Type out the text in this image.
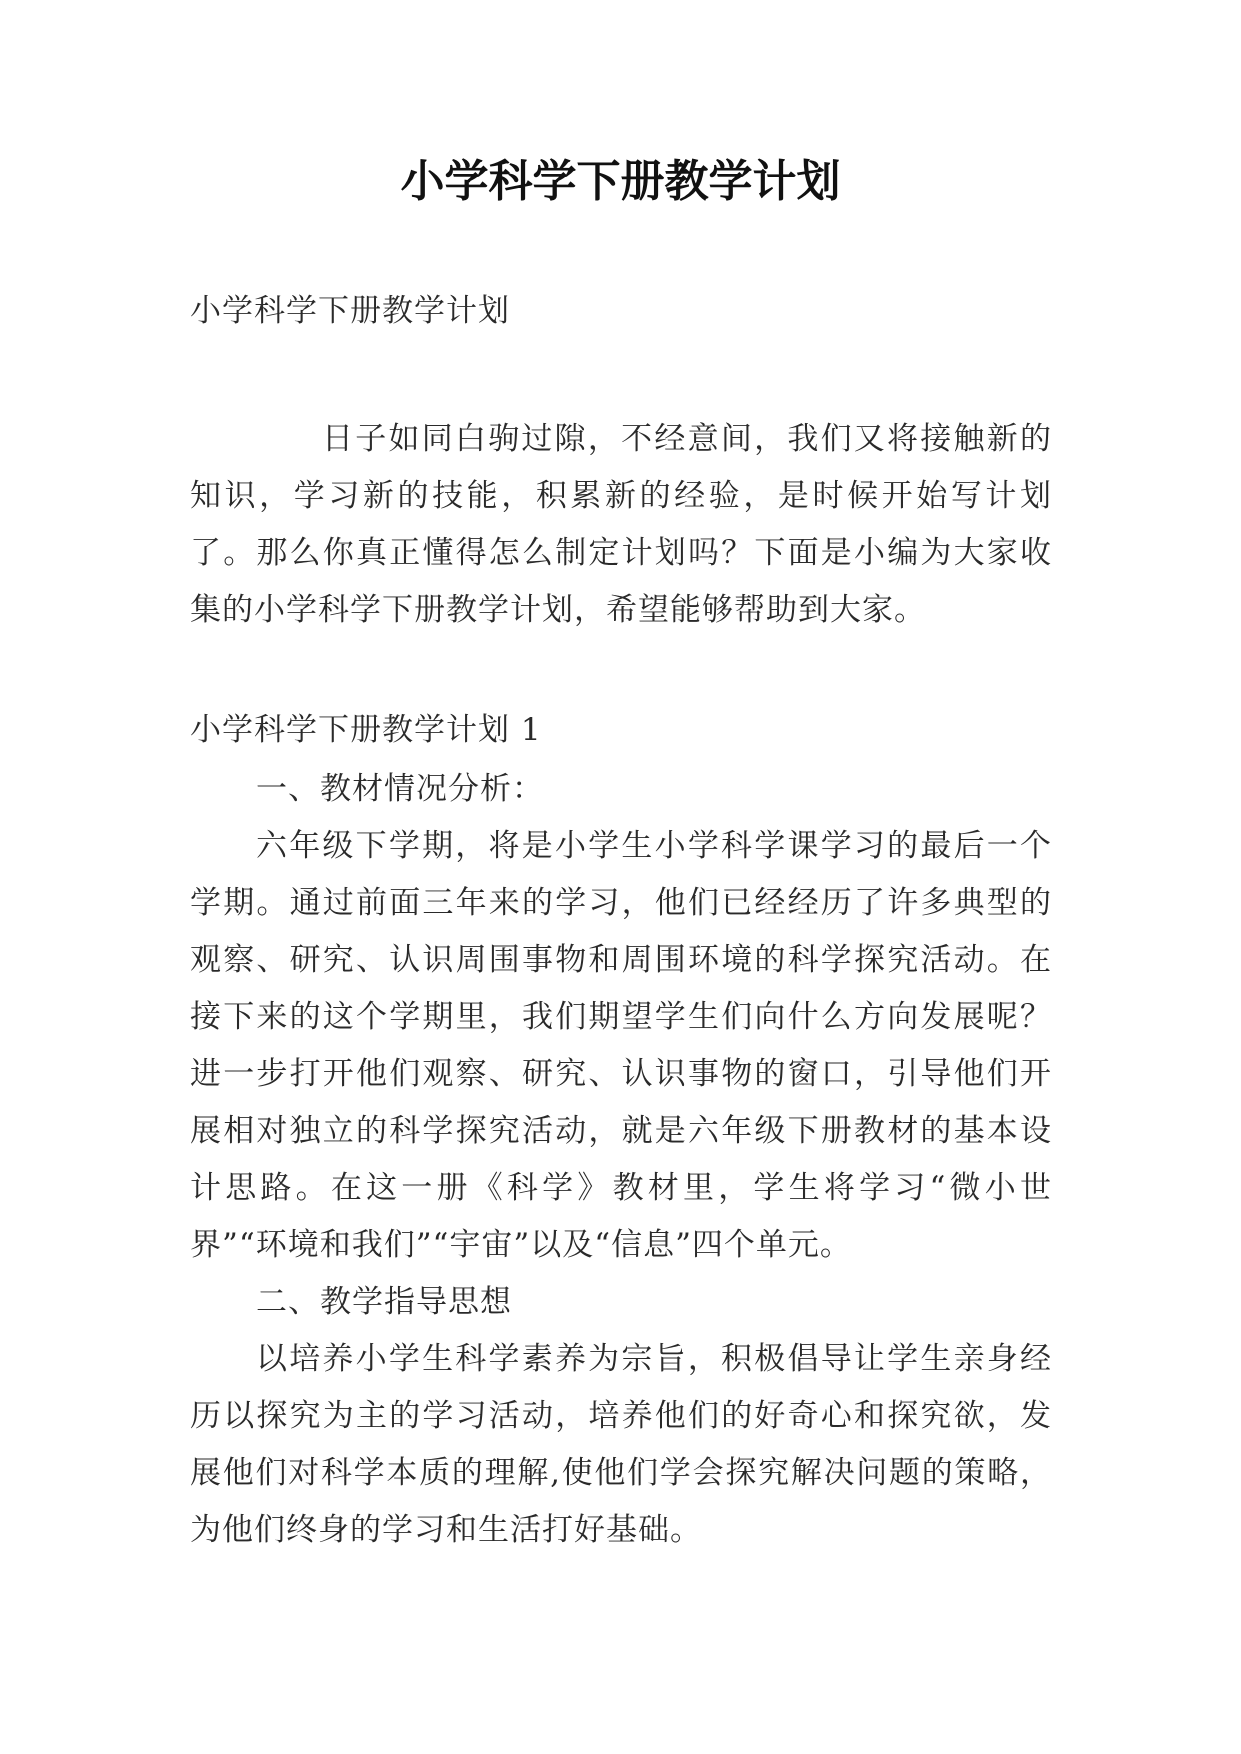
小学科学下册教学计划
小学科学下册教学计划

日子如同白驹过隙，不经意间，我们又将接触新的知识，学习新的技能，积累新的经验，是时候开始写计划了。那么你真正懂得怎么制定计划吗？下面是小编为大家收集的小学科学下册教学计划，希望能够帮助到大家。

小学科学下册教学计划 1

一、教材情况分析：

六年级下学期，将是小学生小学科学课学习的最后一个学期。通过前面三年来的学习，他们已经经历了许多典型的观察、研究、认识周围事物和周围环境的科学探究活动。在接下来的这个学期里，我们期望学生们向什么方向发展呢？进一步打开他们观察、研究、认识事物的窗口，引导他们开展相对独立的科学探究活动，就是六年级下册教材的基本设计思路。在这一册《科学》教材里，学生将学习“微小世界”“环境和我们”“宇宙”以及“信息”四个单元。

二、教学指导思想

以培养小学生科学素养为宗旨，积极倡导让学生亲身经历以探究为主的学习活动，培养他们的好奇心和探究欲，发展他们对科学本质的理解,使他们学会探究解决问题的策略，为他们终身的学习和生活打好基础。
